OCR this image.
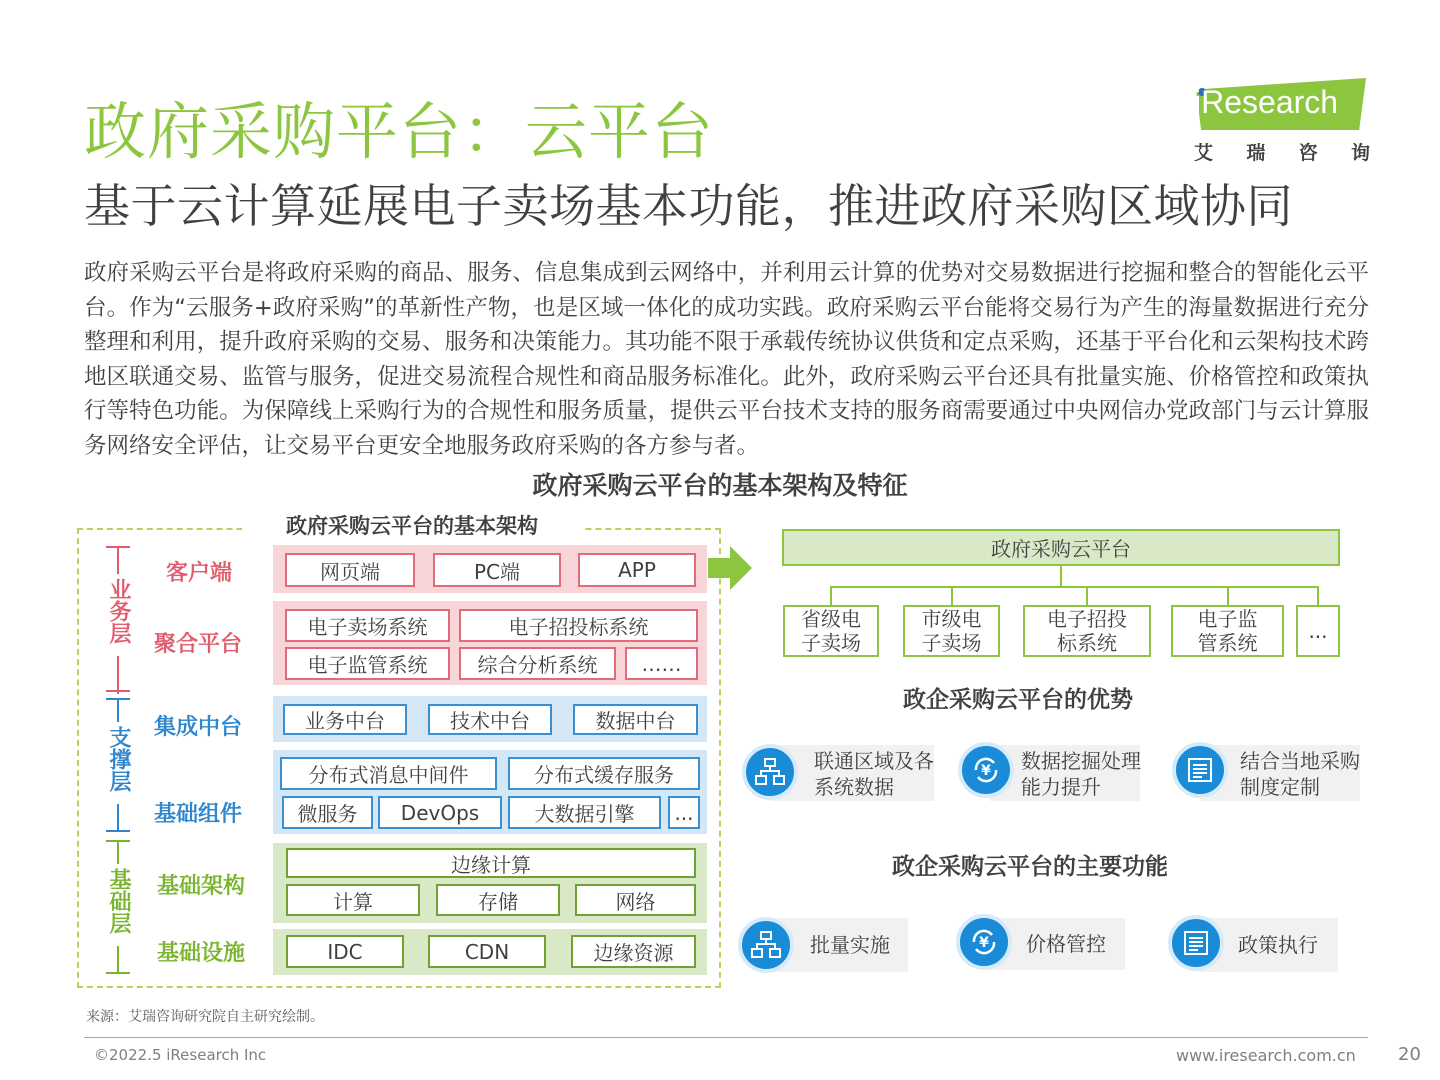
政府采购平台：云平台
基于云计算延展电子卖场基本功能，推进政府采购区域协同
iResearch
艾 瑞 咨 询

政府采购云平台是将政府采购的商品、服务、信息集成到云网络中，并利用云计算的优势对交易数据进行挖掘和整合的智能化云平台。作为“云服务+政府采购”的革新性产物，也是区域一体化的成功实践。政府采购云平台能将交易行为产生的海量数据进行充分整理和利用，提升政府采购的交易、服务和决策能力。其功能不限于承载传统协议供货和定点采购，还基于平台化和云架构技术跨地区联通交易、监管与服务，促进交易流程合规性和商品服务标准化。此外，政府采购云平台还具有批量实施、价格管控和政策执行等特色功能。为保障线上采购行为的合规性和服务质量，提供云平台技术支持的服务商需要通过中央网信办党政部门与云计算服务网络安全评估，让交易平台更安全地服务政府采购的各方参与者。

政府采购云平台的基本架构及特征
政府采购云平台的基本架构
业务层
支撑层
基础层
客户端
聚合平台
集成中台
基础组件
基础架构
基础设施
网页端	PC端	APP
电子卖场系统	电子招投标系统
电子监管系统	综合分析系统	……
业务中台	技术中台	数据中台
分布式消息中间件	分布式缓存服务
微服务	DevOps	大数据引擎	...
边缘计算
计算	存储	网络
IDC	CDN	边缘资源
政府采购云平台
省级电子卖场
市级电子卖场
电子招投标系统
电子监管系统	...
政企采购云平台的优势
联通区域及各系统数据
¥ 数据挖掘处理能力提升
结合当地采购制度定制
政企采购云平台的主要功能
批量实施	¥ 价格管控	政策执行
来源：艾瑞咨询研究院自主研究绘制。
©2022.5 iResearch Inc	www.iresearch.com.cn 20
